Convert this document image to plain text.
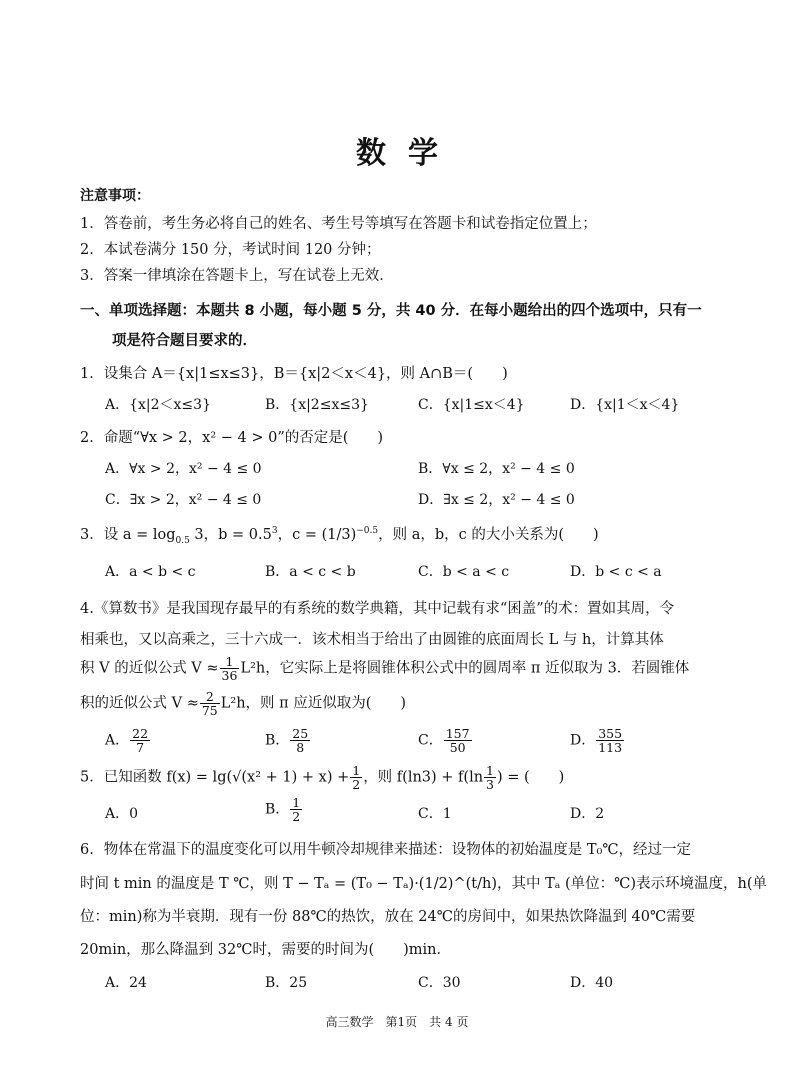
数学
注意事项：
1．答卷前，考生务必将自己的姓名、考生号等填写在答题卡和试卷指定位置上；
2．本试卷满分 150 分，考试时间 120 分钟；
3．答案一律填涂在答题卡上，写在试卷上无效．
一、单项选择题：本题共 8 小题，每小题 5 分，共 40 分．在每小题给出的四个选项中，只有一
项是符合题目要求的．
1．设集合 A＝{x|1≤x≤3}，B＝{x|2＜x＜4}，则 A∩B＝(　　)
A．{x|2＜x≤3}	B．{x|2≤x≤3}	C．{x|1≤x＜4}	D．{x|1＜x＜4}
2．命题“∀x > 2，x² − 4 > 0”的否定是(　　)
A．∀x > 2，x² − 4 ≤ 0	B．∀x ≤ 2，x² − 4 ≤ 0
C．∃x > 2，x² − 4 ≤ 0	D．∃x ≤ 2，x² − 4 ≤ 0
3．设 $a = \log_{0.5} 3$，$b = 0.5^3$，$c = (1/3)^{-0.5}$，则 a，b，c 的大小关系为(　　)
A．a < b < c	B．a < c < b	C．b < a < c	D．b < c < a
4.《算数书》是我国现存最早的有系统的数学典籍，其中记载有求“囷盖”的术：置如其周，令
相乘也，又以高乘之，三十六成一．该术相当于给出了由圆锥的底面周长 L 与 h，计算其体
积 V 的近似公式 $V \approx \frac{1}{36} L^2h$，它实际上是将圆锥体积公式中的圆周率 π 近似取为 3．若圆锥体
积的近似公式 $V \approx \frac{2}{75} L^2h$，则 π 应近似取为(　　)
A． $\frac{22}{7}$	B． $\frac{25}{8}$	C． $\frac{157}{50}$	D． $\frac{355}{113}$
5．已知函数 $f(x) = \lg(√(x^2 + 1) + x) + \frac{1}{2}$ ，则 $f(\ln 3) + f(\ln \frac{1}{3}$ ) = (　　)
A．0	B． $\frac{1}{2}$	C．1	D．2
6．物体在常温下的温度变化可以用牛顿冷却规律来描述：设物体的初始温度是 T₀℃，经过一定
时间 t min 的温度是 T ℃，则 T − Tₐ = (T₀ − Tₐ)·(1/2)^(t/h)，其中 Tₐ (单位：℃)表示环境温度，h(单
位：min)称为半衰期．现有一份 88℃的热饮，放在 24℃的房间中，如果热饮降温到 40℃需要
20min，那么降温到 32℃时，需要的时间为(　　)min．
A．24	B．25	C．30	D．40
高三数学　第1页　共 4 页
